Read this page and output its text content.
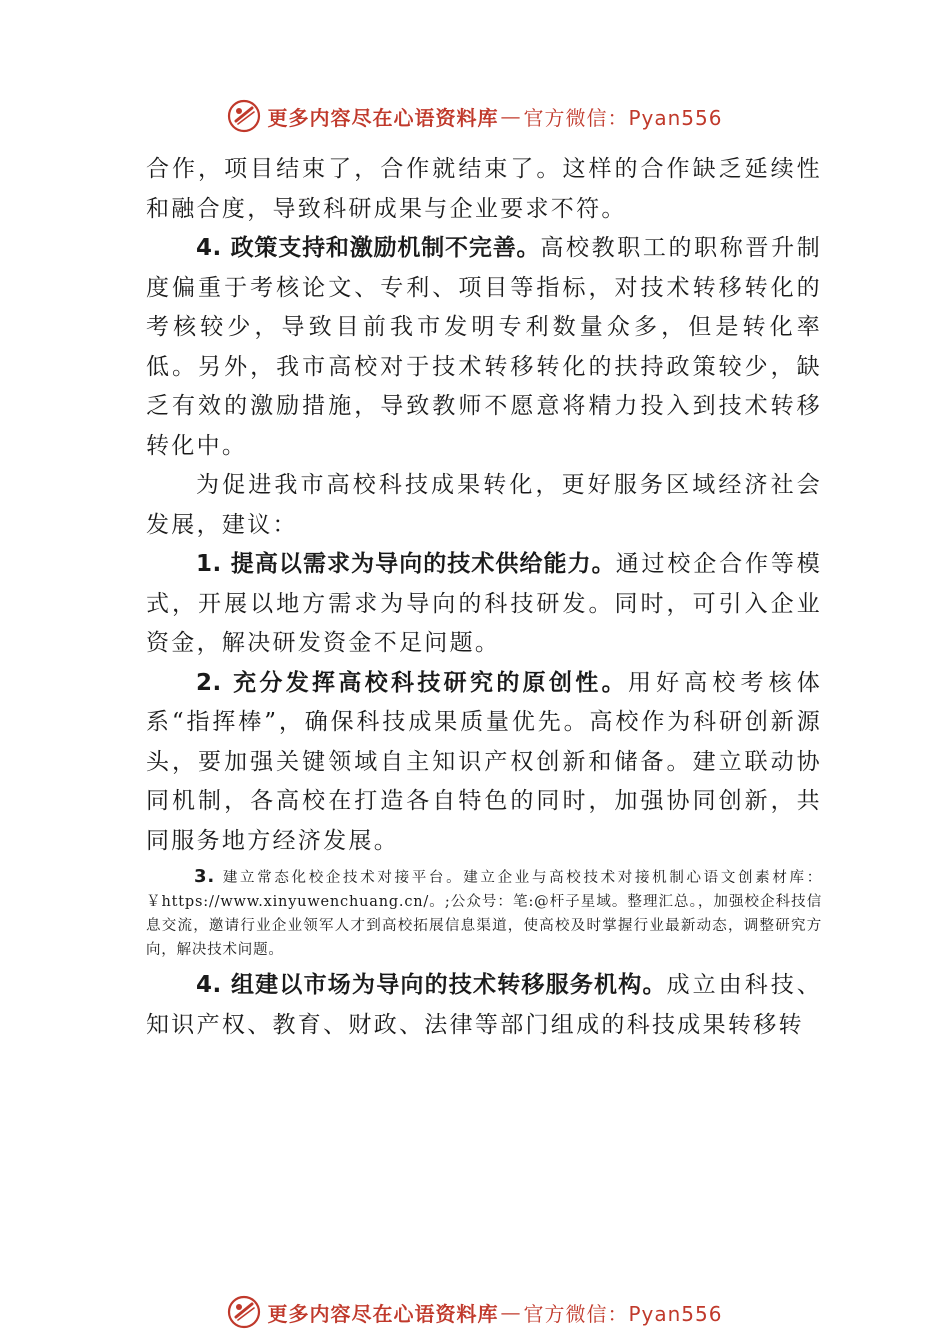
更多内容尽在心语资料库 — 官方微信：Pyan556

合作，项目结束了，合作就结束了。这样的合作缺乏延续性和融合度，导致科研成果与企业要求不符。

4. 政策支持和激励机制不完善。高校教职工的职称晋升制度偏重于考核论文、专利、项目等指标，对技术转移转化的考核较少，导致目前我市发明专利数量众多，但是转化率低。另外，我市高校对于技术转移转化的扶持政策较少，缺乏有效的激励措施，导致教师不愿意将精力投入到技术转移转化中。

为促进我市高校科技成果转化，更好服务区域经济社会发展，建议：

1. 提高以需求为导向的技术供给能力。通过校企合作等模式，开展以地方需求为导向的科技研发。同时，可引入企业资金，解决研发资金不足问题。

2. 充分发挥高校科技研究的原创性。用好高校考核体系“指挥棒”，确保科技成果质量优先。高校作为科研创新源头，要加强关键领域自主知识产权创新和储备。建立联动协同机制，各高校在打造各自特色的同时，加强协同创新，共 同服务地方经济发展。

3. 建立常态化校企技术对接平台。建立企业与高校技术对接机制心语文创素材库：￥https://www.xinyuwenchuang.cn/。;公众号：笔:@杆子星域。整理汇总。，加强校企科技信息交流，邀请行业企业领军人才到高校拓展信息渠道，使高校及时掌握行业最新动态，调整研究方向，解决技术问题。

4. 组建以市场为导向的技术转移服务机构。成立由科技、知识产权、教育、财政、法律等部门组成的科技成果转移转

更多内容尽在心语资料库 — 官方微信：Pyan556
